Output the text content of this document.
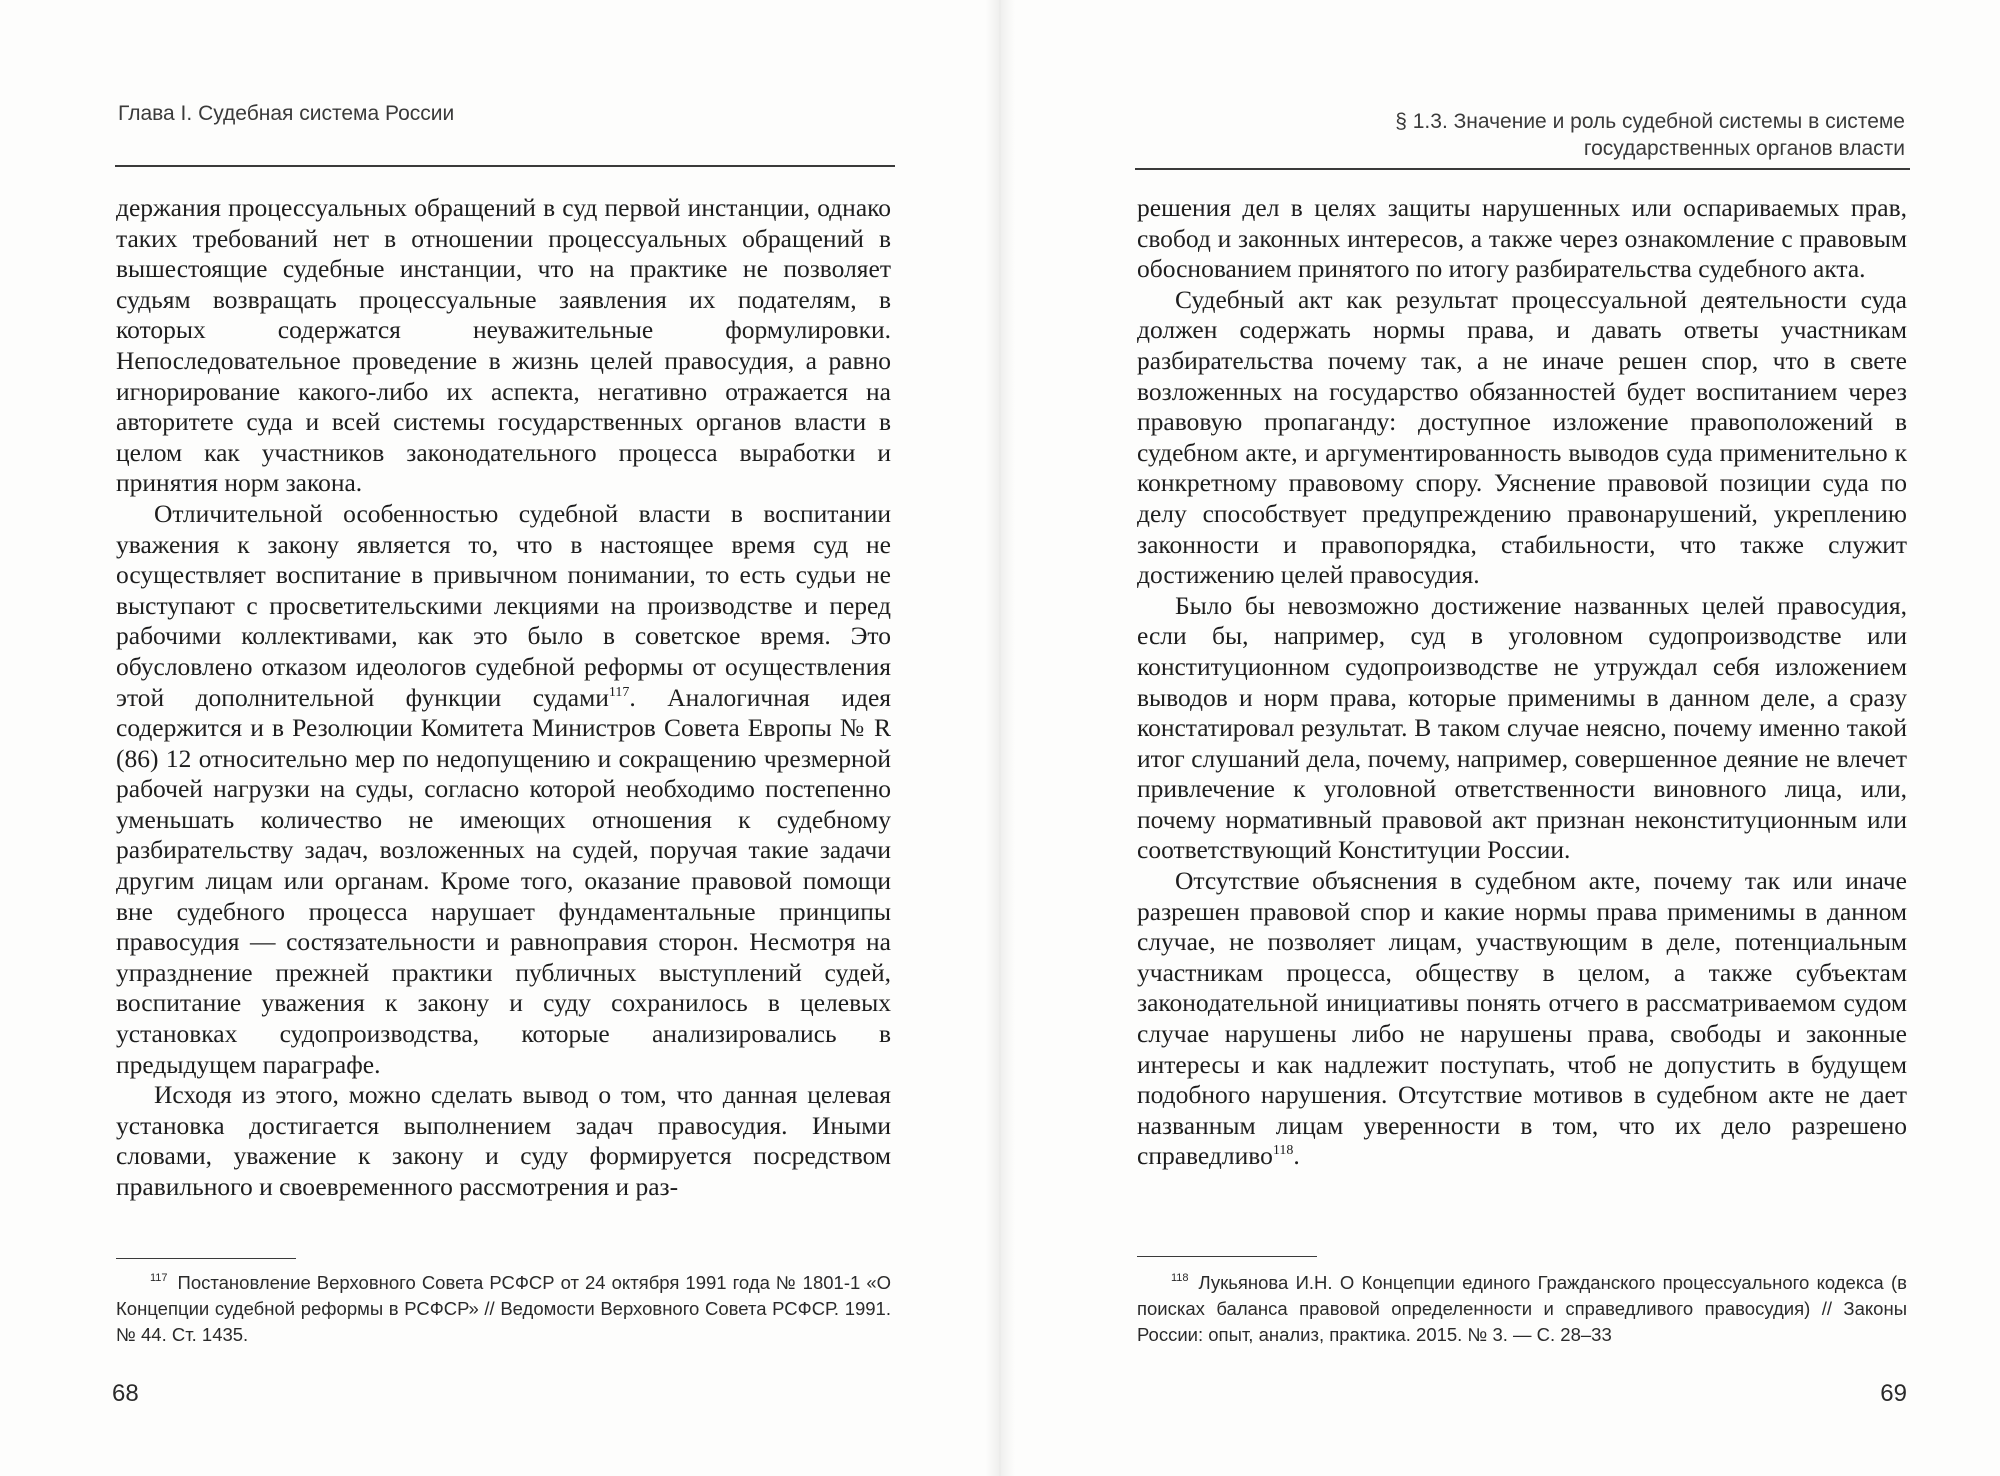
Глава I. Судебная система России

держания процессуальных обращений в суд первой инстанции, однако таких требований нет в отношении процессуальных обращений в вышестоящие судебные инстанции, что на практике не позволяет судьям возвращать процессуальные заявления их подателям, в которых содержатся неуважительные формулировки. Непоследовательное проведение в жизнь целей правосудия, а равно игнорирование какого-либо их аспекта, негативно отражается на авторитете суда и всей системы государственных органов власти в целом как участников законодательного процесса выработки и принятия норм закона.

Отличительной особенностью судебной власти в воспитании уважения к закону является то, что в настоящее время суд не осуществляет воспитание в привычном понимании, то есть судьи не выступают с просветительскими лекциями на производстве и перед рабочими коллективами, как это было в советское время. Это обусловлено отказом идеологов судебной реформы от осуществления этой дополнительной функции судами$^{117}$. Аналогичная идея содержится и в Резолюции Комитета Министров Совета Европы № R (86) 12 относительно мер по недопущению и сокращению чрезмерной рабочей нагрузки на суды, согласно которой необходимо постепенно уменьшать количество не имеющих отношения к судебному разбирательству задач, возложенных на судей, поручая такие задачи другим лицам или органам. Кроме того, оказание правовой помощи вне судебного процесса нарушает фундаментальные принципы правосудия — состязательности и равноправия сторон. Несмотря на упразднение прежней практики публичных выступлений судей, воспитание уважения к закону и суду сохранилось в целевых установках судопроизводства, которые анализировались в предыдущем параграфе.

Исходя из этого, можно сделать вывод о том, что данная целевая установка достигается выполнением задач правосудия. Иными словами, уважение к закону и суду формируется посредством правильного и своевременного рассмотрения и раз-

$^{117}$ Постановление Верховного Совета РСФСР от 24 октября 1991 года № 1801-1 «О Концепции судебной реформы в РСФСР» // Ведомости Верховного Совета РСФСР. 1991. № 44. Ст. 1435.

68
§ 1.3. Значение и роль судебной системы в системе
государственных органов власти

решения дел в целях защиты нарушенных или оспариваемых прав, свобод и законных интересов, а также через ознакомление с правовым обоснованием принятого по итогу разбирательства судебного акта.

Судебный акт как результат процессуальной деятельности суда должен содержать нормы права, и давать ответы участникам разбирательства почему так, а не иначе решен спор, что в свете возложенных на государство обязанностей будет воспитанием через правовую пропаганду: доступное изложение правоположений в судебном акте, и аргументированность выводов суда применительно к конкретному правовому спору. Уяснение правовой позиции суда по делу способствует предупреждению правонарушений, укреплению законности и правопорядка, стабильности, что также служит достижению целей правосудия.

Было бы невозможно достижение названных целей правосудия, если бы, например, суд в уголовном судопроизводстве или конституционном судопроизводстве не утруждал себя изложением выводов и норм права, которые применимы в данном деле, а сразу констатировал результат. В таком случае неясно, почему именно такой итог слушаний дела, почему, например, совершенное деяние не влечет привлечение к уголовной ответственности виновного лица, или, почему нормативный правовой акт признан неконституционным или соответствующий Конституции России.

Отсутствие объяснения в судебном акте, почему так или иначе разрешен правовой спор и какие нормы права применимы в данном случае, не позволяет лицам, участвующим в деле, потенциальным участникам процесса, обществу в целом, а также субъектам законодательной инициативы понять отчего в рассматриваемом судом случае нарушены либо не нарушены права, свободы и законные интересы и как надлежит поступать, чтоб не допустить в будущем подобного нарушения. Отсутствие мотивов в судебном акте не дает названным лицам уверенности в том, что их дело разрешено справедливо$^{118}$.

$^{118}$ Лукьянова И.Н. О Концепции единого Гражданского процессуального кодекса (в поисках баланса правовой определенности и справедливого правосудия) // Законы России: опыт, анализ, практика. 2015. № 3. — С. 28–33

69
